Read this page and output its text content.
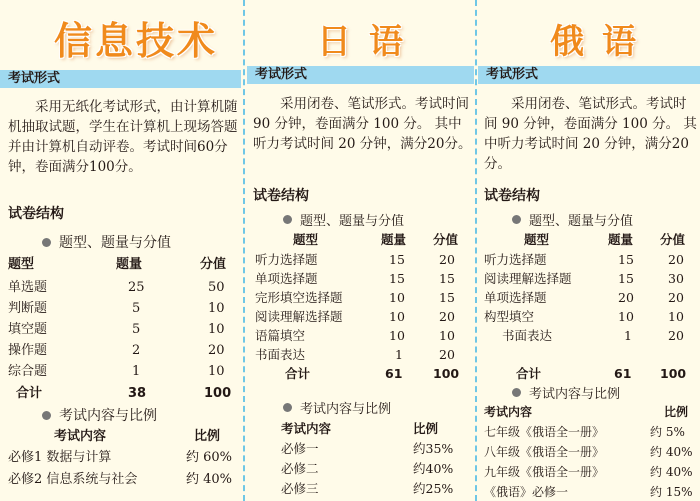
信息技术
考试形式

采用无纸化考试形式，由计算机随机抽取试题，学生在计算机上现场答题并由计算机自动评卷。考试时间60分钟，卷面满分100分。

试卷结构
题型、题量与分值
题型	题量	分值
单选题	25	50
判断题	5	10
填空题	5	10
操作题	2	20
综合题	1	10
合计	38	100
考试内容与比例
考试内容	比例
必修1 数据与计算	约 60%
必修2 信息系统与社会	约 40%
日语
考试形式

采用闭卷、笔试形式。考试时间 90 分钟，卷面满分 100 分。 其中听力考试时间 20 分钟，满分20分。

试卷结构
题型、题量与分值
题型	题量 分值
听力选择题	15	20
单项选择题	15	15
完形填空选择题	10	15
阅读理解选择题	10	20
语篇填空	10	10
书面表达	1	20
合计	61 100
考试内容与比例
考试内容	比例
必修一	约35%
必修二	约40%
必修三	约25%
俄语
考试形式

采用闭卷、笔试形式。考试时间 90 分钟，卷面满分 100 分。 其中听力考试时间 20 分钟，满分20分。

试卷结构
题型、题量与分值
题型	题量 分值
听力选择题	15	20
阅读理解选择题	15	30
单项选择题	20	20
构型填空	10	10
书面表达	1	20
合计	61 100
考试内容与比例
考试内容	比例
七年级《俄语全一册》	约 5%
八年级《俄语全一册》	约 40%
九年级《俄语全一册》	约 40%
《俄语》必修一	约 15%
